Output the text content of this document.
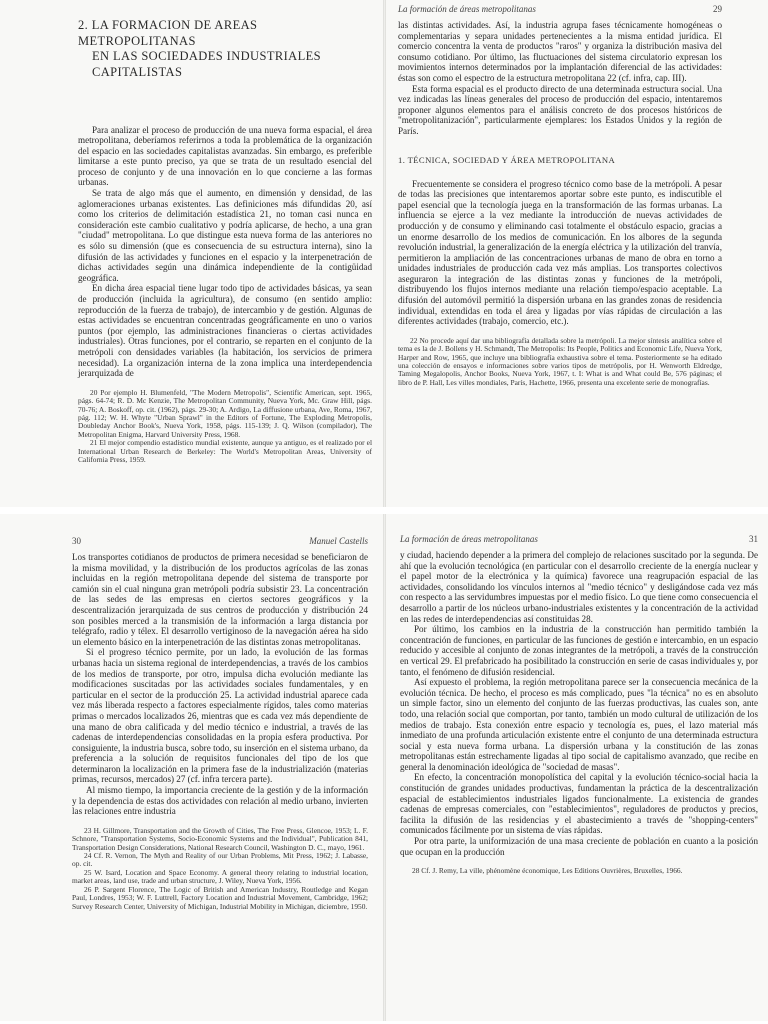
2. LA FORMACION DE AREAS METROPOLITANAS
EN LAS SOCIEDADES INDUSTRIALES CAPITALISTAS

Para analizar el proceso de producción de una nueva forma espacial, el área metropolitana, deberíamos referirnos a toda la problemática de la organización del espacio en las sociedades capitalistas avanzadas. Sin embargo, es preferible limitarse a este punto preciso, ya que se trata de un resultado esencial del proceso de conjunto y de una innovación en lo que concierne a las formas urbanas.

Se trata de algo más que el aumento, en dimensión y densidad, de las aglomeraciones urbanas existentes. Las definiciones más difundidas 20, así como los criterios de delimitación estadística 21, no toman casi nunca en consideración este cambio cualitativo y podría aplicarse, de hecho, a una gran "ciudad" metropolitana. Lo que distingue esta nueva forma de las anteriores no es sólo su dimensión (que es consecuencia de su estructura interna), sino la difusión de las actividades y funciones en el espacio y la interpenetración de dichas actividades según una dinámica independiente de la contigüidad geográfica.

En dicha área espacial tiene lugar todo tipo de actividades básicas, ya sean de producción (incluida la agricultura), de consumo (en sentido amplio: reproducción de la fuerza de trabajo), de intercambio y de gestión. Algunas de estas actividades se encuentran concentradas geográficamente en uno o varios puntos (por ejemplo, las administraciones financieras o ciertas actividades industriales). Otras funciones, por el contrario, se reparten en el conjunto de la metrópoli con densidades variables (la habitación, los servicios de primera necesidad). La organización interna de la zona implica una interdependencia jerarquizada de

20 Por ejemplo H. Blumenfeld, "The Modern Metropolis", Scientific American, sept. 1965, págs. 64-74; R. D. Mc Kenzie, The Metropolitan Community, Nueva York, Mc. Graw Hill, págs. 70-76; A. Boskoff, op. cit. (1962), págs. 29-30; A. Ardigo, La diffusione urbana, Ave, Roma, 1967, pág. 112; W. H. Whyte "Urban Sprawl" in the Editors of Fortune, The Exploding Metropolis, Doubleday Anchor Book's, Nueva York, 1958, págs. 115-139; J. Q. Wilson (compilador), The Metropolitan Enigma, Harvard University Press, 1968.

21 El mejor compendio estadístico mundial existente, aunque ya antiguo, es el realizado por el International Urban Research de Berkeley: The World's Metropolitan Areas, University of California Press, 1959.

La formación de áreas metropolitanas	29

las distintas actividades. Así, la industria agrupa fases técnicamente homogéneas o complementarias y separa unidades pertenecientes a la misma entidad jurídica. El comercio concentra la venta de productos "raros" y organiza la distribución masiva del consumo cotidiano. Por último, las fluctuaciones del sistema circulatorio expresan los movimientos internos determinados por la implantación diferencial de las actividades: éstas son como el espectro de la estructura metropolitana 22 (cf. infra, cap. III).

Esta forma espacial es el producto directo de una determinada estructura social. Una vez indicadas las líneas generales del proceso de producción del espacio, intentaremos proponer algunos elementos para el análisis concreto de dos procesos históricos de "metropolitanización", particularmente ejemplares: los Estados Unidos y la región de París.

1. TÉCNICA, SOCIEDAD Y ÁREA METROPOLITANA

Frecuentemente se considera el progreso técnico como base de la metrópoli. A pesar de todas las precisiones que intentaremos aportar sobre este punto, es indiscutible el papel esencial que la tecnología juega en la transformación de las formas urbanas. La influencia se ejerce a la vez mediante la introducción de nuevas actividades de producción y de consumo y eliminando casi totalmente el obstáculo espacio, gracias a un enorme desarrollo de los medios de comunicación. En los albores de la segunda revolución industrial, la generalización de la energía eléctrica y la utilización del tranvía, permitieron la ampliación de las concentraciones urbanas de mano de obra en torno a unidades industriales de producción cada vez más amplias. Los transportes colectivos aseguraron la integración de las distintas zonas y funciones de la metrópoli, distribuyendo los flujos internos mediante una relación tiempo/espacio aceptable. La difusión del automóvil permitió la dispersión urbana en las grandes zonas de residencia individual, extendidas en toda el área y ligadas por vías rápidas de circulación a las diferentes actividades (trabajo, comercio, etc.).

22 No procede aquí dar una bibliografía detallada sobre la metrópoli. La mejor síntesis analítica sobre el tema es la de J. Bollens y H. Schmandt, The Metropolis: Its People, Politics and Economic Life, Nueva York, Harper and Row, 1965, que incluye una bibliografía exhaustiva sobre el tema. Posteriormente se ha editado una colección de ensayos e informaciones sobre varios tipos de metrópolis, por H. Wenworth Eldredge, Taming Megalopolis, Anchor Books, Nueva York, 1967, t. I: What is and What could Be, 576 páginas; el libro de P. Hall, Les villes mondiales, París, Hachette, 1966, presenta una excelente serie de monografías.

30	Manuel Castells

Los transportes cotidianos de productos de primera necesidad se beneficiaron de la misma movilidad, y la distribución de los productos agrícolas de las zonas incluidas en la región metropolitana depende del sistema de transporte por camión sin el cual ninguna gran metrópoli podría subsistir 23. La concentración de las sedes de las empresas en ciertos sectores geográficos y la descentralización jerarquizada de sus centros de producción y distribución 24 son posibles merced a la transmisión de la información a larga distancia por telégrafo, radio y télex. El desarrollo vertiginoso de la navegación aérea ha sido un elemento básico en la interpenetración de las distintas zonas metropolitanas.

Si el progreso técnico permite, por un lado, la evolución de las formas urbanas hacia un sistema regional de interdependencias, a través de los cambios de los medios de transporte, por otro, impulsa dicha evolución mediante las modificaciones suscitadas por las actividades sociales fundamentales, y en particular en el sector de la producción 25. La actividad industrial aparece cada vez más liberada respecto a factores especialmente rígidos, tales como materias primas o mercados localizados 26, mientras que es cada vez más dependiente de una mano de obra calificada y del medio técnico e industrial, a través de las cadenas de interdependencias consolidadas en la propia esfera productiva. Por consiguiente, la industria busca, sobre todo, su inserción en el sistema urbano, da preferencia a la solución de requisitos funcionales del tipo de los que determinaron la localización en la primera fase de la industrialización (materias primas, recursos, mercados) 27 (cf. infra tercera parte).

Al mismo tiempo, la importancia creciente de la gestión y de la información y la dependencia de estas dos actividades con relación al medio urbano, invierten las relaciones entre industria

23 H. Gillmore, Transportation and the Growth of Cities, The Free Press, Glencoe, 1953; L. F. Schnore, "Transportation Systems, Socio-Economic Systems and the Individual", Publication 841, Transportation Design Considerations, National Research Council, Washington D. C., mayo, 1961.

24 Cf. R. Vernon, The Myth and Reality of our Urban Problems, Mit Press, 1962; J. Labasse, op. cit.

25 W. Isard, Location and Space Economy. A general theory relating to industrial location, market areas, land use, trade and urban structure, J. Wiley, Nueva York, 1956.

26 P. Sargent Florence, The Logic of British and American Industry, Routledge and Kegan Paul, Londres, 1953; W. F. Luttrell, Factory Location and Industrial Movement, Cambridge, 1962; Survey Research Center, University of Michigan, Industrial Mobility in Michigan, diciembre, 1950.

La formación de áreas metropolitanas	31

y ciudad, haciendo depender a la primera del complejo de relaciones suscitado por la segunda. De ahí que la evolución tecnológica (en particular con el desarrollo creciente de la energía nuclear y el papel motor de la electrónica y la química) favorece una reagrupación espacial de las actividades, consolidando los vínculos internos al "medio técnico" y desligándose cada vez más con respecto a las servidumbres impuestas por el medio físico. Lo que tiene como consecuencia el desarrollo a partir de los núcleos urbano-industriales existentes y la concentración de la actividad en las redes de interdependencias así constituidas 28.

Por último, los cambios en la industria de la construcción han permitido también la concentración de funciones, en particular de las funciones de gestión e intercambio, en un espacio reducido y accesible al conjunto de zonas integrantes de la metrópoli, a través de la construcción en vertical 29. El prefabricado ha posibilitado la construcción en serie de casas individuales y, por tanto, el fenómeno de difusión residencial.

Así expuesto el problema, la región metropolitana parece ser la consecuencia mecánica de la evolución técnica. De hecho, el proceso es más complicado, pues "la técnica" no es en absoluto un simple factor, sino un elemento del conjunto de las fuerzas productivas, las cuales son, ante todo, una relación social que comportan, por tanto, también un modo cultural de utilización de los medios de trabajo. Esta conexión entre espacio y tecnología es, pues, el lazo material más inmediato de una profunda articulación existente entre el conjunto de una determinada estructura social y esta nueva forma urbana. La dispersión urbana y la constitución de las zonas metropolitanas están estrechamente ligadas al tipo social de capitalismo avanzado, que recibe en general la denominación ideológica de "sociedad de masas".

En efecto, la concentración monopolística del capital y la evolución técnico-social hacia la constitución de grandes unidades productivas, fundamentan la práctica de la descentralización espacial de establecimientos industriales ligados funcionalmente. La existencia de grandes cadenas de empresas comerciales, con "establecimientos", reguladores de productos y precios, facilita la difusión de las residencias y el abastecimiento a través de "shopping-centers" comunicados fácilmente por un sistema de vías rápidas.

Por otra parte, la uniformización de una masa creciente de población en cuanto a la posición que ocupan en la producción

28 Cf. J. Remy, La ville, phénomène économique, Les Editions Ouvrières, Bruxelles, 1966.
